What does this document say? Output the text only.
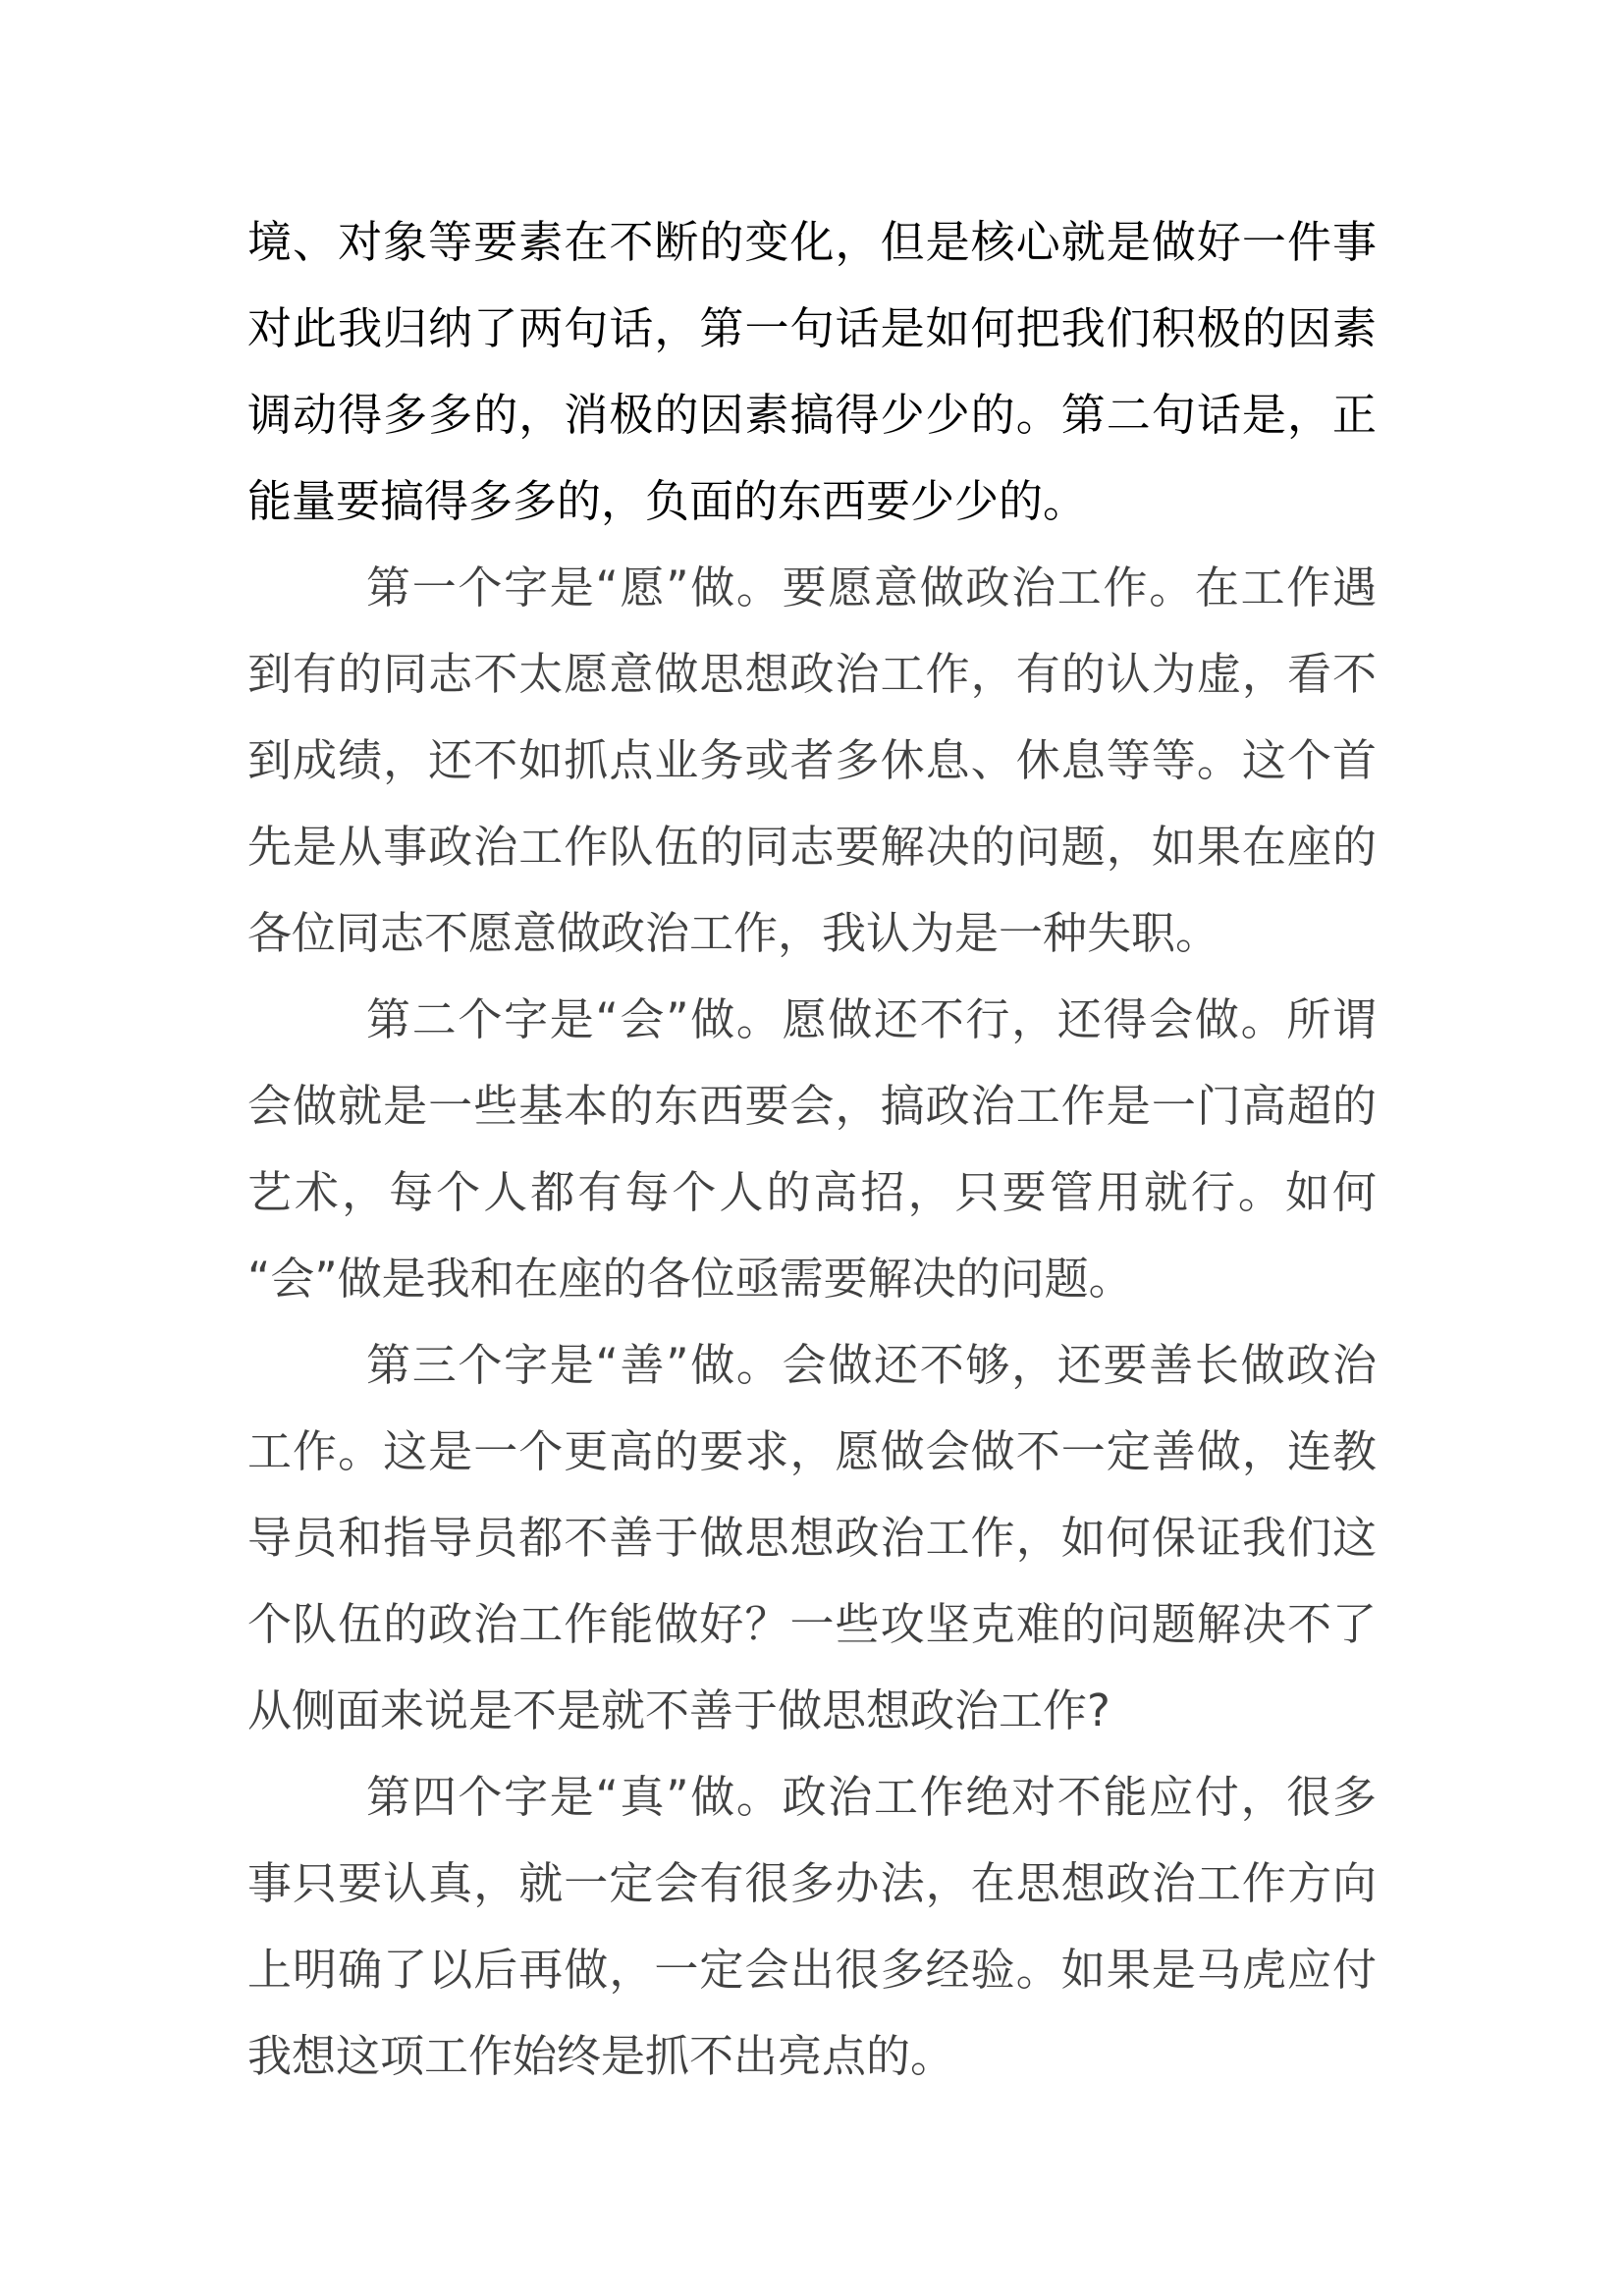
境、对象等要素在不断的变化，但是核心就是做好一件事
对此我归纳了两句话，第一句话是如何把我们积极的因素
调动得多多的，消极的因素搞得少少的。第二句话是，正
能量要搞得多多的，负面的东西要少少的。
第一个字是“愿”做。要愿意做政治工作。在工作遇
到有的同志不太愿意做思想政治工作，有的认为虚，看不
到成绩，还不如抓点业务或者多休息、休息等等。这个首
先是从事政治工作队伍的同志要解决的问题，如果在座的
各位同志不愿意做政治工作，我认为是一种失职。
第二个字是“会”做。愿做还不行，还得会做。所谓
会做就是一些基本的东西要会，搞政治工作是一门高超的
艺术，每个人都有每个人的高招，只要管用就行。如何
“会”做是我和在座的各位亟需要解决的问题。
第三个字是“善”做。会做还不够，还要善长做政治
工作。这是一个更高的要求，愿做会做不一定善做，连教
导员和指导员都不善于做思想政治工作，如何保证我们这
个队伍的政治工作能做好？一些攻坚克难的问题解决不了
从侧面来说是不是就不善于做思想政治工作?
第四个字是“真”做。政治工作绝对不能应付，很多
事只要认真，就一定会有很多办法，在思想政治工作方向
上明确了以后再做，一定会出很多经验。如果是马虎应付
我想这项工作始终是抓不出亮点的。
